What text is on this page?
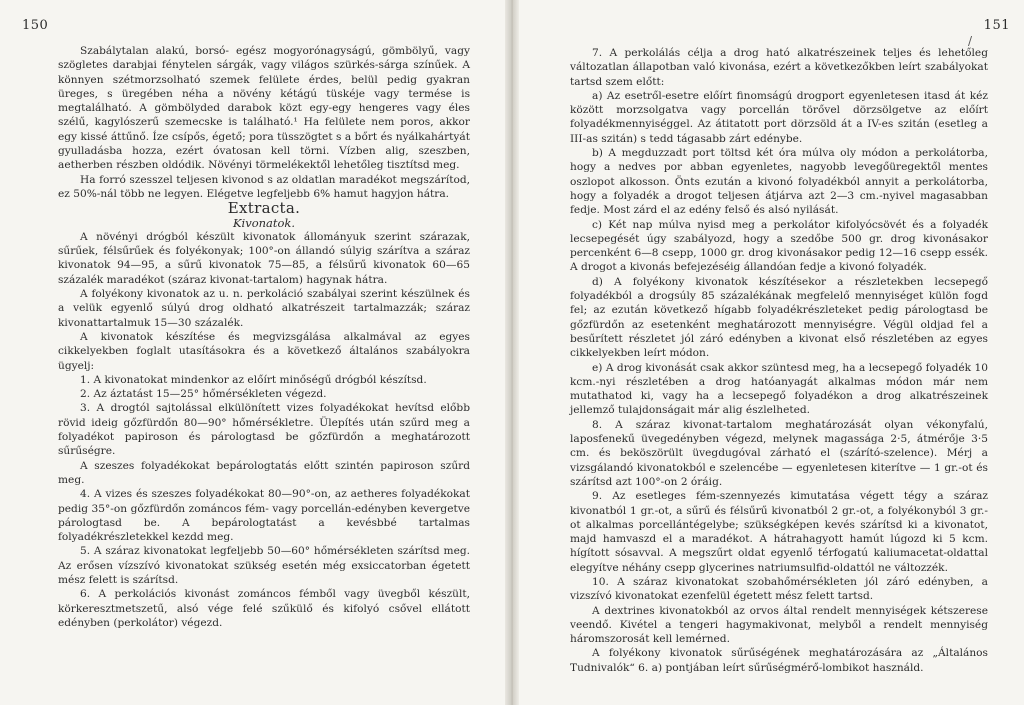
150

Szabálytalan alakú, borsó- egész mogyorónagyságú, gömbölyű, vagy szögletes darabjai fénytelen sárgák, vagy világos szürkés-sárga színűek. A könnyen szétmorzsolható szemek felülete érdes, belül pedig gyakran üreges, s üregében néha a növény kétágú tüskéje vagy termése is megtalálható. A gömbölyded darabok közt egy-egy hengeres vagy éles szélű, kagylószerű szemecske is található.¹ Ha felülete nem poros, akkor egy kissé áttűnő. Íze csípős, égető; pora tüsszögtet s a bőrt és nyálkahártyát gyulladásba hozza, ezért óvatosan kell törni. Vízben alig, szeszben, aetherben részben oldódik. Növényi törmelékektől lehetőleg tisztítsd meg.

Ha forró szesszel teljesen kivonod s az oldatlan maradékot megszárítod, ez 50%-nál több ne legyen. Elégetve legfeljebb 6% hamut hagyjon hátra.

Extracta.

Kivonatok.

A növényi drógból készült kivonatok állományuk szerint szárazak, sűrűek, félsűrűek és folyékonyak; 100°-on állandó súlyig szárítva a száraz kivonatok 94—95, a sűrű kivonatok 75—85, a félsűrű kivonatok 60—65 százalék maradékot (száraz kivonat-tartalom) hagynak hátra.

A folyékony kivonatok az u. n. perkoláció szabályai szerint készülnek és a velük egyenlő súlyú drog oldható alkatrészeit tartalmazzák; száraz kivonattartalmuk 15—30 százalék.

A kivonatok készítése és megvizsgálása alkalmával az egyes cikkelyekben foglalt utasításokra és a következő általános szabályokra ügyelj:

1. A kivonatokat mindenkor az előírt minőségű drógból készítsd.

2. Az áztatást 15—25° hőmérsékleten végezd.

3. A drogtól sajtolással elkülönített vizes folyadékokat hevítsd előbb rövid ideig gőzfürdőn 80—90° hőmérsékletre. Ülepítés után szűrd meg a folyadékot papiroson és párologtasd be gőzfürdőn a meghatározott sűrűségre.

A szeszes folyadékokat bepárologtatás előtt szintén papiroson szűrd meg.

4. A vizes és szeszes folyadékokat 80—90°-on, az aetheres folyadékokat pedig 35°-on gőzfürdőn zománcos fém- vagy porcellán-edényben kevergetve párologtasd be. A bepárologtatást a kevésbbé tartalmas folyadékrészletekkel kezdd meg.

5. A száraz kivonatokat legfeljebb 50—60° hőmérsékleten szárítsd meg. Az erősen vízszívó kivonatokat szükség esetén még exsiccatorban égetett mész felett is szárítsd.

6. A perkolációs kivonást zománcos fémből vagy üvegből készült, körkeresztmetszetű, alsó vége felé szűkülő és kifolyó csővel ellátott edényben (perkolátor) végezd.

151
/

7. A perkolálás célja a drog ható alkatrészeinek teljes és lehetőleg változatlan állapotban való kivonása, ezért a következőkben leírt szabályokat tartsd szem előtt:

a) Az esetről-esetre előírt finomságú drogport egyenletesen itasd át kéz között morzsolgatva vagy porcellán törővel dörzsölgetve az előírt folyadékmennyiséggel. Az átitatott port dörzsöld át a IV-es szitán (esetleg a III-as szitán) s tedd tágasabb zárt edénybe.

b) A megduzzadt port töltsd két óra múlva oly módon a perkolátorba, hogy a nedves por abban egyenletes, nagyobb levegőüregektől mentes oszlopot alkosson. Önts ezután a kivonó folyadékból annyit a perkolátorba, hogy a folyadék a drogot teljesen átjárva azt 2—3 cm.-nyivel magasabban fedje. Most zárd el az edény felső és alsó nyilását.

c) Két nap múlva nyisd meg a perkolátor kifolyócsövét és a folyadék lecsepegését úgy szabályozd, hogy a szedőbe 500 gr. drog kivonásakor percenként 6—8 csepp, 1000 gr. drog kivonásakor pedig 12—16 csepp essék. A drogot a kivonás befejezéséig állandóan fedje a kivonó folyadék.

d) A folyékony kivonatok készítésekor a részletekben lecsepegő folyadékból a drogsúly 85 százalékának megfelelő mennyiséget külön fogd fel; az ezután következő hígabb folyadékrészleteket pedig párologtasd be gőzfürdőn az esetenként meghatározott mennyiségre. Végül oldjad fel a besűrített részletet jól záró edényben a kivonat első részletében az egyes cikkelyekben leírt módon.

e) A drog kivonását csak akkor szüntesd meg, ha a lecsepegő folyadék 10 kcm.-nyi részletében a drog hatóanyagát alkalmas módon már nem mutathatod ki, vagy ha a lecsepegő folyadékon a drog alkatrészeinek jellemző tulajdonságait már alig észlelheted.

8. A száraz kivonat-tartalom meghatározását olyan vékonyfalú, laposfenekű üvegedényben végezd, melynek magassága 2·5, átmérője 3·5 cm. és beköszörült üvegdugóval zárható el (szárító-szelence). Mérj a vizsgálandó kivonatokból e szelencébe — egyenletesen kiterítve — 1 gr.-ot és szárítsd azt 100°-on 2 óráig.

9. Az esetleges fém-szennyezés kimutatása végett tégy a száraz kivonatból 1 gr.-ot, a sűrű és félsűrű kivonatból 2 gr.-ot, a folyékonyból 3 gr.-ot alkalmas porcellántégelybe; szükségképen kevés szárítsd ki a kivonatot, majd hamvaszd el a maradékot. A hátrahagyott hamút lúgozd ki 5 kcm. hígított sósavval. A megszűrt oldat egyenlő térfogatú kaliumacetat-oldattal elegyítve néhány csepp glycerines natriumsulfid-oldattól ne változzék.

10. A száraz kivonatokat szobahőmérsékleten jól záró edényben, a vizszívó kivonatokat ezenfelül égetett mész felett tartsd.

A dextrines kivonatokból az orvos által rendelt mennyiségek kétszerese veendő. Kivétel a tengeri hagymakivonat, melyből a rendelt mennyiség háromszorosát kell lemérned.

A folyékony kivonatok sűrűségének meghatározására az „Általános Tudnivalók“ 6. a) pontjában leírt sűrűségmérő-lombikot használd.
